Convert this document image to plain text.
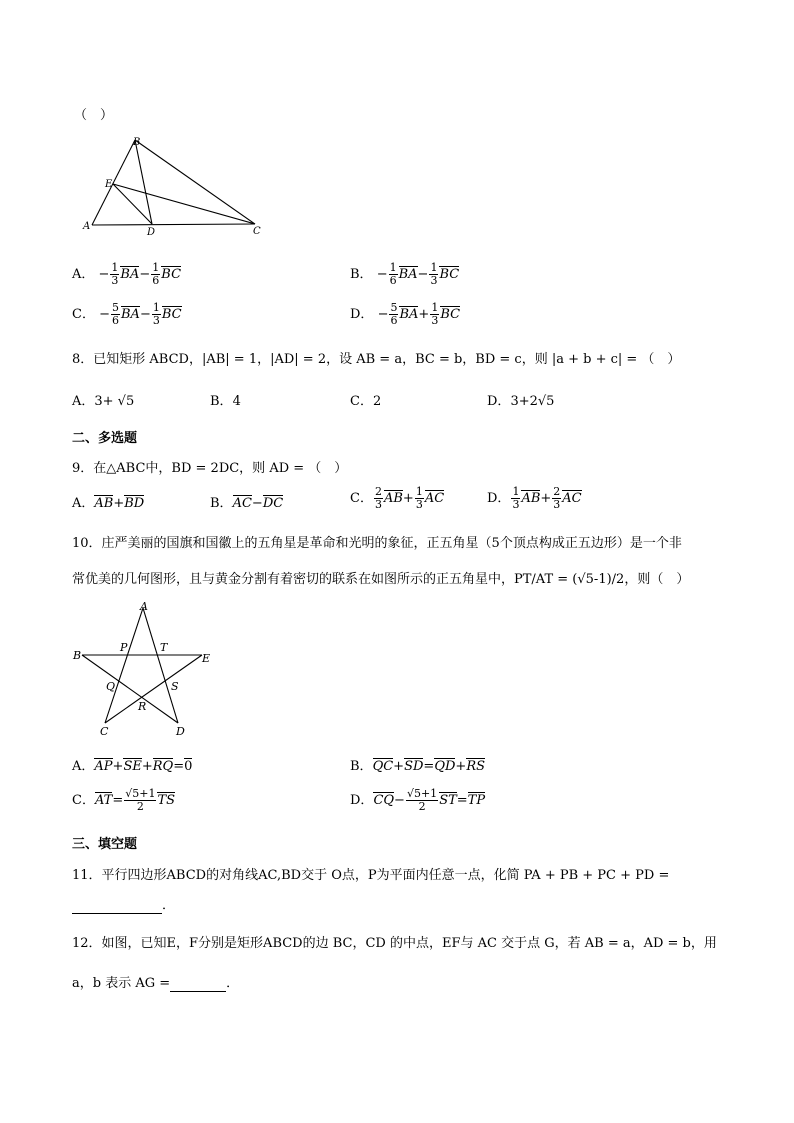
（　）
B
E
A
D	C
A． − $\frac{1}{3} BA- \frac{1}{6}$ BC	B． − $\frac{1}{6} BA- \frac{1}{3}$ BC
C． − $\frac{5}{6} BA- \frac{1}{3}$ BC	D． − $\frac{5}{6} BA+ \frac{1}{3}$ BC
8．已知矩形 ABCD，|AB| = 1，|AD| = 2，设 AB = a，BC = b，BD = c，则 |a + b + c| = （　）
A．3+ √5	B．4	C．2	D．3+2√5
二、多选题
9．在△ABC中，BD = 2DC，则 AD = （　）
A．AB+BD	B．AC−DC	C． $\frac{2}{3} AB+ \frac{1}{3}$ AC	D． $\frac{1}{3} AB+ \frac{2}{3}$ AC
10．庄严美丽的国旗和国徽上的五角星是革命和光明的象征，正五角星（5个顶点构成正五边形）是一个非
常优美的几何图形，且与黄金分割有着密切的联系在如图所示的正五角星中，PT/AT = (√5-1)/2，则（　）
A
B	E
P	T
Q	S
R
C	D
A．AP+SE+RQ=0	B．QC+SD=QD+RS
C．$AT= \frac{√5+1}{2}$ TS	D．$CQ- \frac{√5+1}{2} ST=TP$
三、填空题
11．平行四边形ABCD的对角线AC,BD交于 O点，P为平面内任意一点，化简 PA + PB + PC + PD =
．
12．如图，已知E，F分别是矩形ABCD的边 BC，CD 的中点，EF与 AC 交于点 G，若 AB = a，AD = b，用
a，b 表示 AG =	．
